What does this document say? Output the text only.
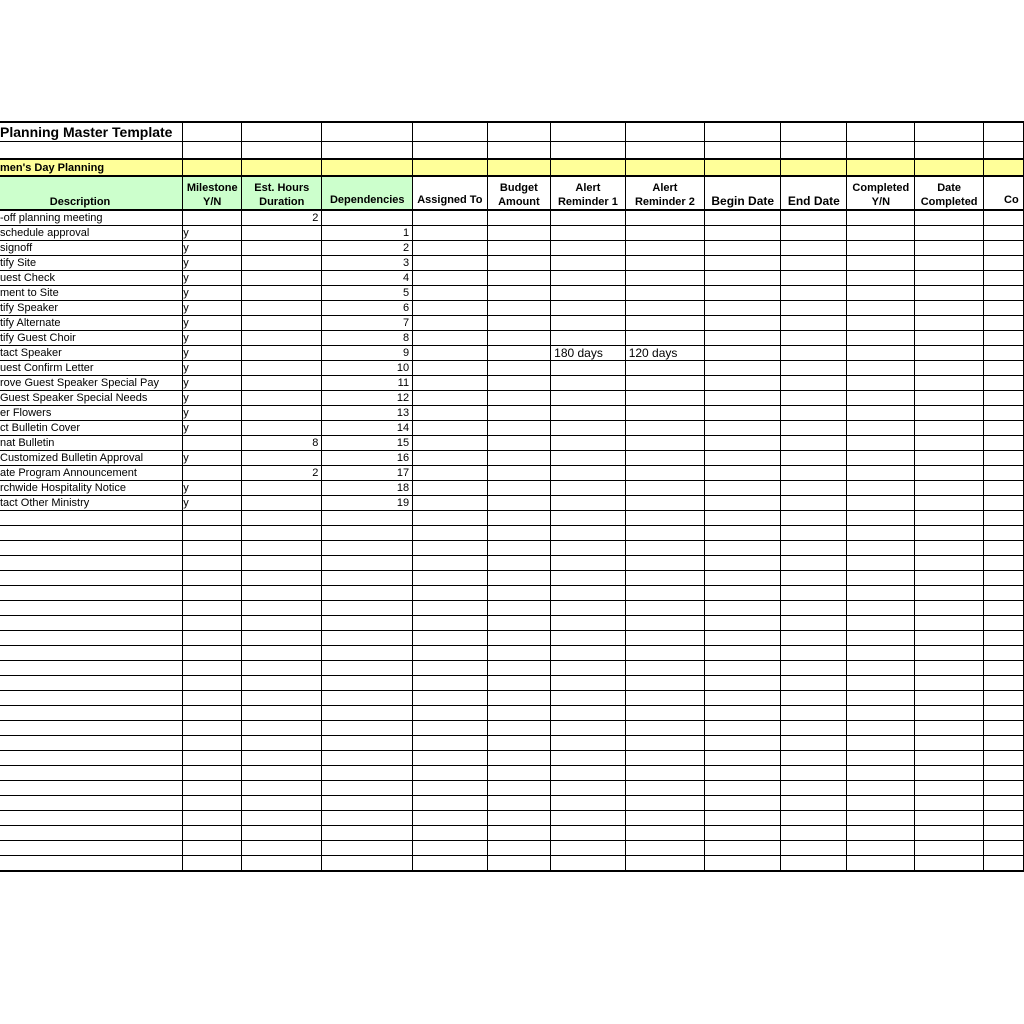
Planning Master Template												

men's Day Planning												
Description	Milestone Y/N	Est. Hours Duration	Dependencies	Assigned To	Budget Amount	Alert Reminder 1	Alert Reminder 2	Begin Date	End Date	Completed Y/N	Date Completed	Co
-off planning meeting		2										
schedule approval	y		1									
signoff	y		2									
tify Site	y		3									
uest Check	y		4									
ment to Site	y		5									
tify Speaker	y		6									
tify Alternate	y		7									
tify Guest Choir	y		8									
tact Speaker	y		9			180 days	120 days					
uest Confirm Letter	y		10									
rove Guest Speaker Special Pay	y		11									
Guest Speaker Special Needs	y		12									
er Flowers	y		13									
ct Bulletin Cover	y		14									
nat Bulletin		8	15									
Customized Bulletin Approval	y		16									
ate Program Announcement		2	17									
rchwide Hospitality Notice	y		18									
tact Other Ministry	y		19									
